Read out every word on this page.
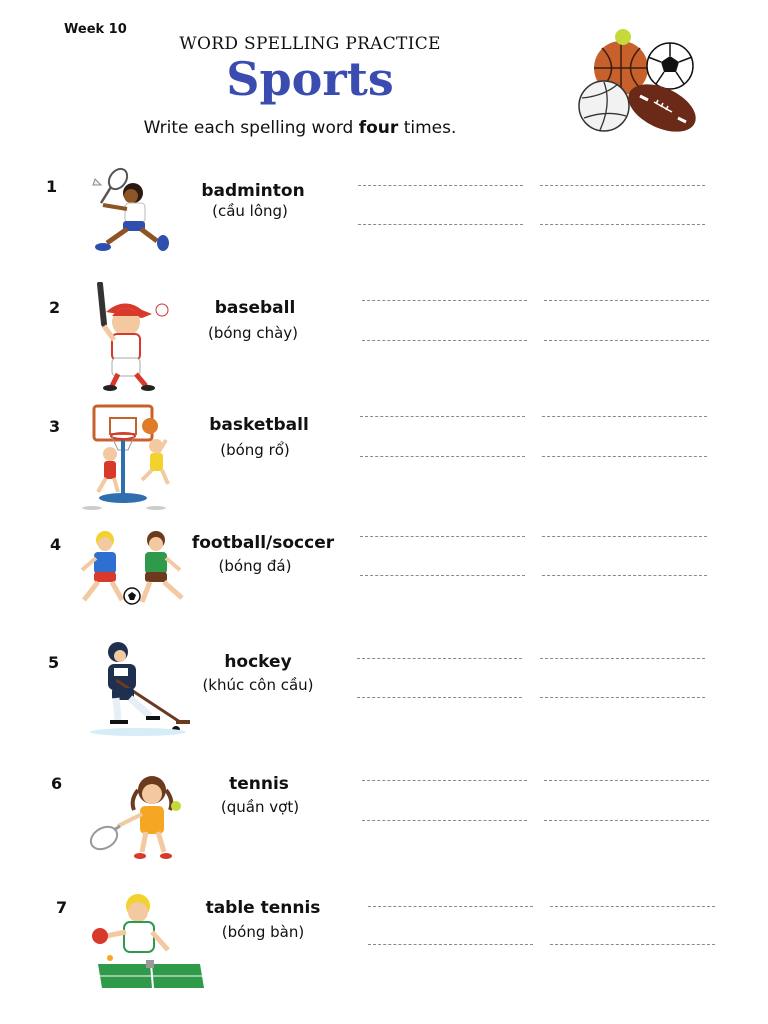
Week 10
WORD SPELLING PRACTICE
Sports
Write each spelling word four times.
1	badminton
(cầu lông)
2	baseball
(bóng chày)
3	basketball
(bóng rổ)
4	football/soccer
(bóng đá)
5	hockey
(khúc côn cầu)
6	tennis
(quần vợt)
7	table tennis
(bóng bàn)
